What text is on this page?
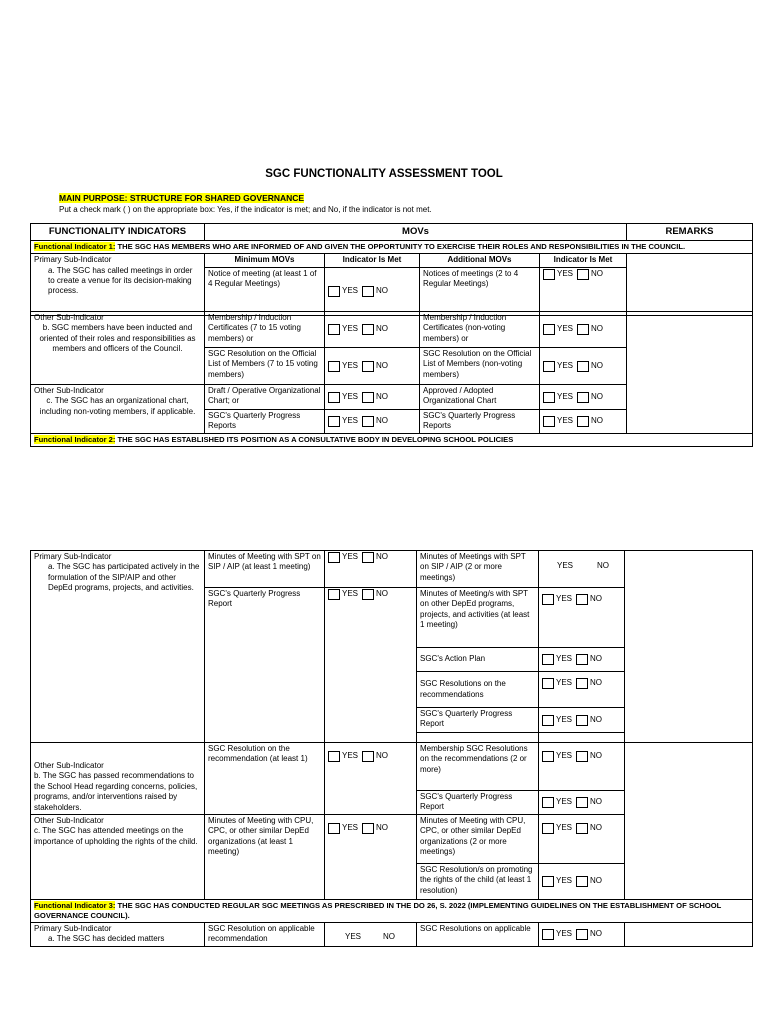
SGC FUNCTIONALITY ASSESSMENT TOOL
MAIN PURPOSE: STRUCTURE FOR SHARED GOVERNANCE
Put a check mark ( ) on the appropriate box: Yes, if the indicator is met; and No, if the indicator is not met.
FUNCTIONALITY INDICATORS	MOVs				REMARKS
Functional Indicator 1: THE SGC HAS MEMBERS WHO ARE INFORMED OF AND GIVEN THE OPPORTUNITY TO EXERCISE THEIR ROLES AND RESPONSIBILITIES IN THE COUNCIL.					

Primary Sub-Indicator
a. The SGC has called meetings in order to create a venue for its decision-making process.	Minimum MOVs	Indicator Is Met	Additional MOVs	Indicator Is Met	
	Notice of meeting (at least 1 of 4 Regular Meetings)	YES NO	Notices of meetings (2 to 4 Regular Meetings)	YES NO	
Other Sub-Indicator
b. SGC members have been inducted and oriented of their roles and responsibilities as members and officers of the Council.	Membership / Induction Certificates (7 to 15 voting members) or	YES NO	Membership / Induction Certificates (non-voting members) or	YES NO	
	SGC Resolution on the Official List of Members (7 to 15 voting members)	YES NO	SGC Resolution on the Official List of Members (non-voting members)	YES NO	

Other Sub-Indicator
c. The SGC has an organizational chart, including non-voting members, if applicable.	Draft / Operative Organizational Chart; or	YES NO	Approved / Adopted Organizational Chart	YES NO	
	SGC's Quarterly Progress Reports	YES NO	SGC's Quarterly Progress Reports	YES NO	
Functional Indicator 2: THE SGC HAS ESTABLISHED ITS POSITION AS A CONSULTATIVE BODY IN DEVELOPING SCHOOL POLICIES					
Primary Sub-Indicator
a. The SGC has participated actively in the formulation of the SIP/AIP and other DepEd programs, projects, and activities.	Minutes of Meeting with SPT on SIP / AIP (at least 1 meeting)	YES NO	Minutes of Meetings with SPT on SIP / AIP (2 or more meetings)	YES NO	
	SGC's Quarterly Progress Report	YES NO	Minutes of Meeting/s with SPT on other DepEd programs, projects, and activities (at least 1 meeting)	YES NO	
			SGC's Action Plan	YES NO	
			SGC Resolutions on the recommendations	YES NO	
			SGC's Quarterly Progress Report	YES NO	

Other Sub-Indicator
b. The SGC has passed recommendations to the School Head regarding concerns, policies, programs, and/or interventions raised by stakeholders.	SGC Resolution on the recommendation (at least 1)	YES NO	Membership SGC Resolutions on the recommendations (2 or more)	YES NO	
			SGC's Quarterly Progress Report	YES NO	

Other Sub-Indicator
c. The SGC has attended meetings on the importance of upholding the rights of the child.	Minutes of Meeting with CPU, CPC, or other similar DepEd organizations (at least 1 meeting)	YES NO	Minutes of Meeting with CPU, CPC, or other similar DepEd organizations (2 or more meetings)	YES NO	
			SGC Resolution/s on promoting the rights of the child (at least 1 resolution)	YES NO	
Functional Indicator 3: THE SGC HAS CONDUCTED REGULAR SGC MEETINGS AS PRESCRIBED IN THE DO 26, S. 2022 (IMPLEMENTING GUIDELINES ON THE ESTABLISHMENT OF SCHOOL GOVERNANCE COUNCIL).					

Primary Sub-Indicator
a. The SGC has decided matters	SGC Resolution on applicable recommendation	YES NO	SGC Resolutions on applicable	YES NO	
